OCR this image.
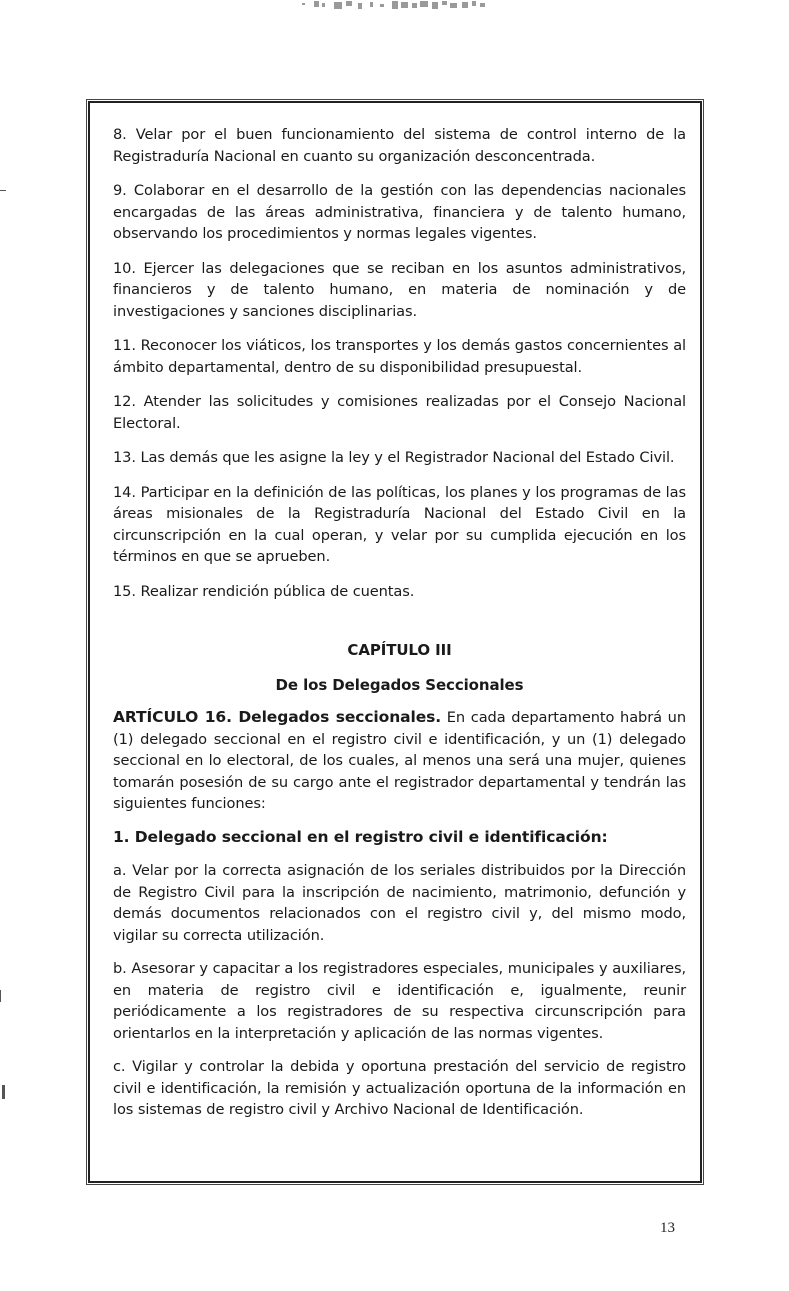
8. Velar por el buen funcionamiento del sistema de control interno de la Registraduría Nacional en cuanto su organización desconcentrada.

9. Colaborar en el desarrollo de la gestión con las dependencias nacionales encargadas de las áreas administrativa, financiera y de talento humano, observando los procedimientos y normas legales vigentes.

10. Ejercer las delegaciones que se reciban en los asuntos administrativos, financieros y de talento humano, en materia de nominación y de investigaciones y sanciones disciplinarias.

11. Reconocer los viáticos, los transportes y los demás gastos concernientes al ámbito departamental, dentro de su disponibilidad presupuestal.

12. Atender las solicitudes y comisiones realizadas por el Consejo Nacional Electoral.

13. Las demás que les asigne la ley y el Registrador Nacional del Estado Civil.

14. Participar en la definición de las políticas, los planes y los programas de las áreas misionales de la Registraduría Nacional del Estado Civil en la circunscripción en la cual operan, y velar por su cumplida ejecución en los términos en que se aprueben.

15. Realizar rendición pública de cuentas.

CAPÍTULO III

De los Delegados Seccionales

ARTÍCULO 16. Delegados seccionales. En cada departamento habrá un (1) delegado seccional en el registro civil e identificación, y un (1) delegado seccional en lo electoral, de los cuales, al menos una será una mujer, quienes tomarán posesión de su cargo ante el registrador departamental y tendrán las siguientes funciones:

1. Delegado seccional en el registro civil e identificación:

a. Velar por la correcta asignación de los seriales distribuidos por la Dirección de Registro Civil para la inscripción de nacimiento, matrimonio, defunción y demás documentos relacionados con el registro civil y, del mismo modo, vigilar su correcta utilización.

b. Asesorar y capacitar a los registradores especiales, municipales y auxiliares, en materia de registro civil e identificación e, igualmente, reunir periódicamente a los registradores de su respectiva circunscripción para orientarlos en la interpretación y aplicación de las normas vigentes.

c. Vigilar y controlar la debida y oportuna prestación del servicio de registro civil e identificación, la remisión y actualización oportuna de la información en los sistemas de registro civil y Archivo Nacional de Identificación.

13
